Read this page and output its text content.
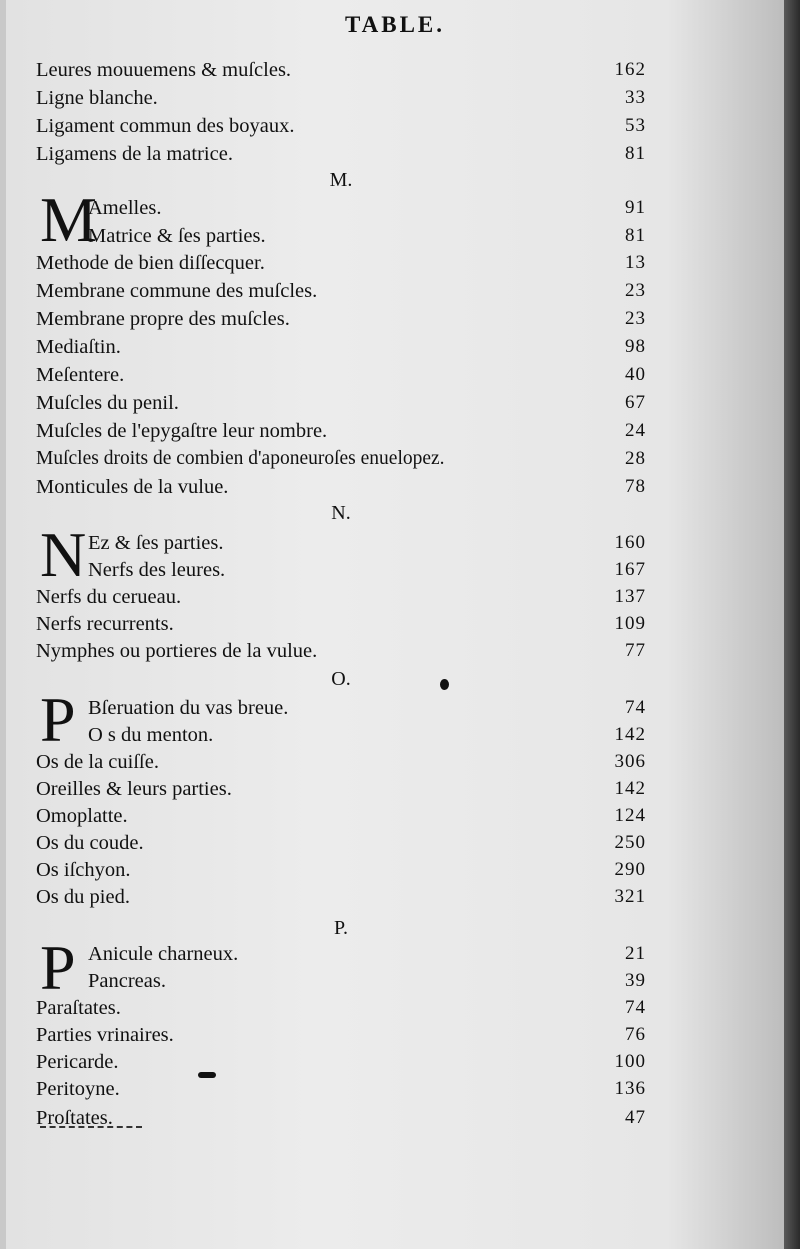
TABLE.
Leures mouuemens & muſcles.	162
Ligne blanche.	33
Ligament commun des boyaux.	53
Ligamens de la matrice.	81
M.
M
Amelles.	91
Matrice & ſes parties.	81
Methode de bien diſſecquer.	13
Membrane commune des muſcles.	23
Membrane propre des muſcles.	23
Mediaſtin.	98
Meſentere.	40
Muſcles du penil.	67
Muſcles de l'epygaſtre leur nombre.	24
Muſcles droits de combien d'aponeuroſes enuelopez.	28
Monticules de la vulue.	78
N.
N Ez & ſes parties.	160
Nerfs des leures.	167
Nerfs du cerueau.	137
Nerfs recurrents.	109
Nymphes ou portieres de la vulue.	77
O.
P Bſeruation du vas breue.	74
O s du menton.	142
Os de la cuiſſe.	306
Oreilles & leurs parties.	142
Omoplatte.	124
Os du coude.	250
Os iſchyon.	290
Os du pied.	321
P.
P Anicule charneux.	21
Pancreas.	39
Paraſtates.	74
Parties vrinaires.	76
Pericarde.	100
Peritoyne.	136
Proſtates.	47
